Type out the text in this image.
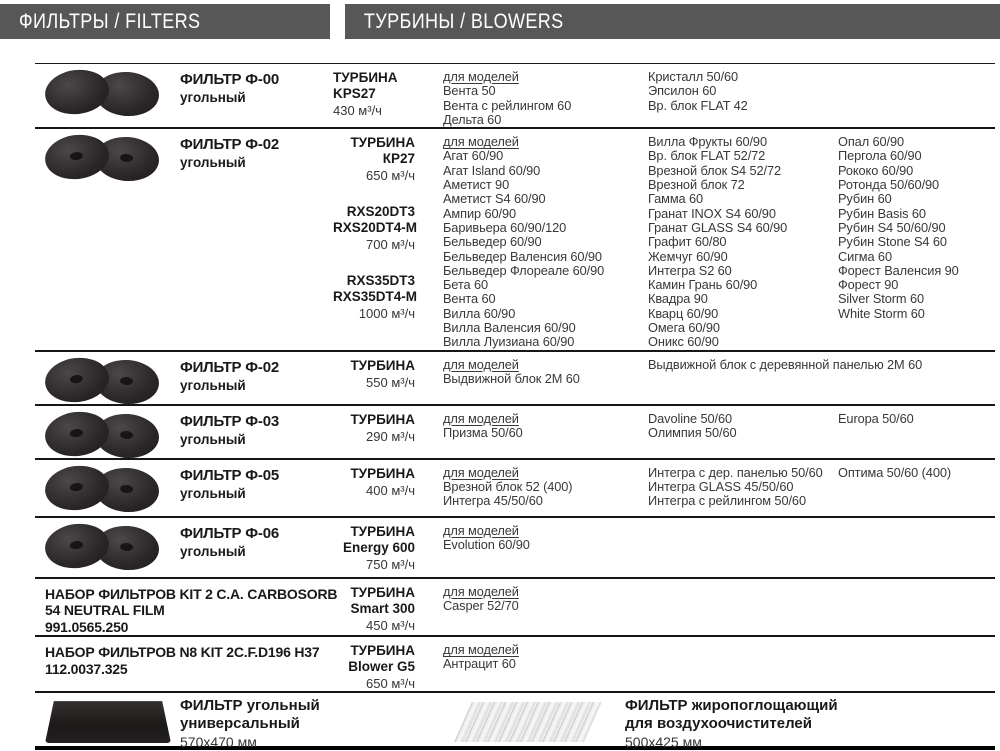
ФИЛЬТРЫ / FILTERS	ТУРБИНЫ / BLOWERS
ФИЛЬТР Ф-00
угольный
ТУРБИНА
KPS27
430 м³/ч
для моделей
Вента 50
Вента с рейлингом 60
Дельта 60
Кристалл 50/60
Эпсилон 60
Вр. блок FLAT 42
ФИЛЬТР Ф-02
угольный
ТУРБИНА
КР27
650 м³/ч
RXS20DT3
RXS20DT4-M
700 м³/ч
RXS35DT3
RXS35DT4-M
1000 м³/ч
для моделей
Агат 60/90
Агат Island 60/90
Аметист 90
Аметист S4 60/90
Ампир 60/90
Баривьера 60/90/120
Бельведер 60/90
Бельведер Валенсия 60/90
Бельведер Флореале 60/90
Бета 60
Вента 60
Вилла 60/90
Вилла Валенсия 60/90
Вилла Луизиана 60/90
Вилла Фрукты 60/90
Вр. блок FLAT 52/72
Врезной блок S4 52/72
Врезной блок 72
Гамма 60
Гранат INOX S4 60/90
Гранат GLASS S4 60/90
Графит 60/80
Жемчуг 60/90
Интегра S2 60
Камин Грань 60/90
Квадра 90
Кварц 60/90
Омега 60/90
Оникс 60/90
Опал 60/90
Пергола 60/90
Рококо 60/90
Ротонда 50/60/90
Рубин 60
Рубин Basis 60
Рубин S4 50/60/90
Рубин Stone S4 60
Сигма 60
Форест Валенсия 90
Форест 90
Silver Storm 60
White Storm 60
ФИЛЬТР Ф-02
угольный
ТУРБИНА
550 м³/ч
для моделей
Выдвижной блок 2М 60
Выдвижной блок с деревянной панелью 2М 60
ФИЛЬТР Ф-03
угольный
ТУРБИНА
290 м³/ч
для моделей
Призма 50/60
Davoline 50/60
Олимпия 50/60
Europa 50/60
ФИЛЬТР Ф-05
угольный
ТУРБИНА
400 м³/ч
для моделей
Врезной блок 52 (400)
Интегра 45/50/60
Интегра с дер. панелью 50/60
Интегра GLASS 45/50/60
Интегра с рейлингом 50/60
Оптима 50/60 (400)
ФИЛЬТР Ф-06
угольный
ТУРБИНА
Energy 600
750 м³/ч
для моделей
Evolution 60/90
НАБОР ФИЛЬТРОВ KIT 2 C.A. CARBOSORB
54 NEUTRAL FILM
991.0565.250
ТУРБИНА
Smart 300
450 м³/ч
для моделей
Casper 52/70
НАБОР ФИЛЬТРОВ N8 KIT 2C.F.D196 H37
112.0037.325
ТУРБИНА
Blower G5
650 м³/ч
для моделей
Антрацит 60
ФИЛЬТР угольный
универсальный
570х470 мм
ФИЛЬТР жиропоглощающий
для воздухоочистителей
500х425 мм
